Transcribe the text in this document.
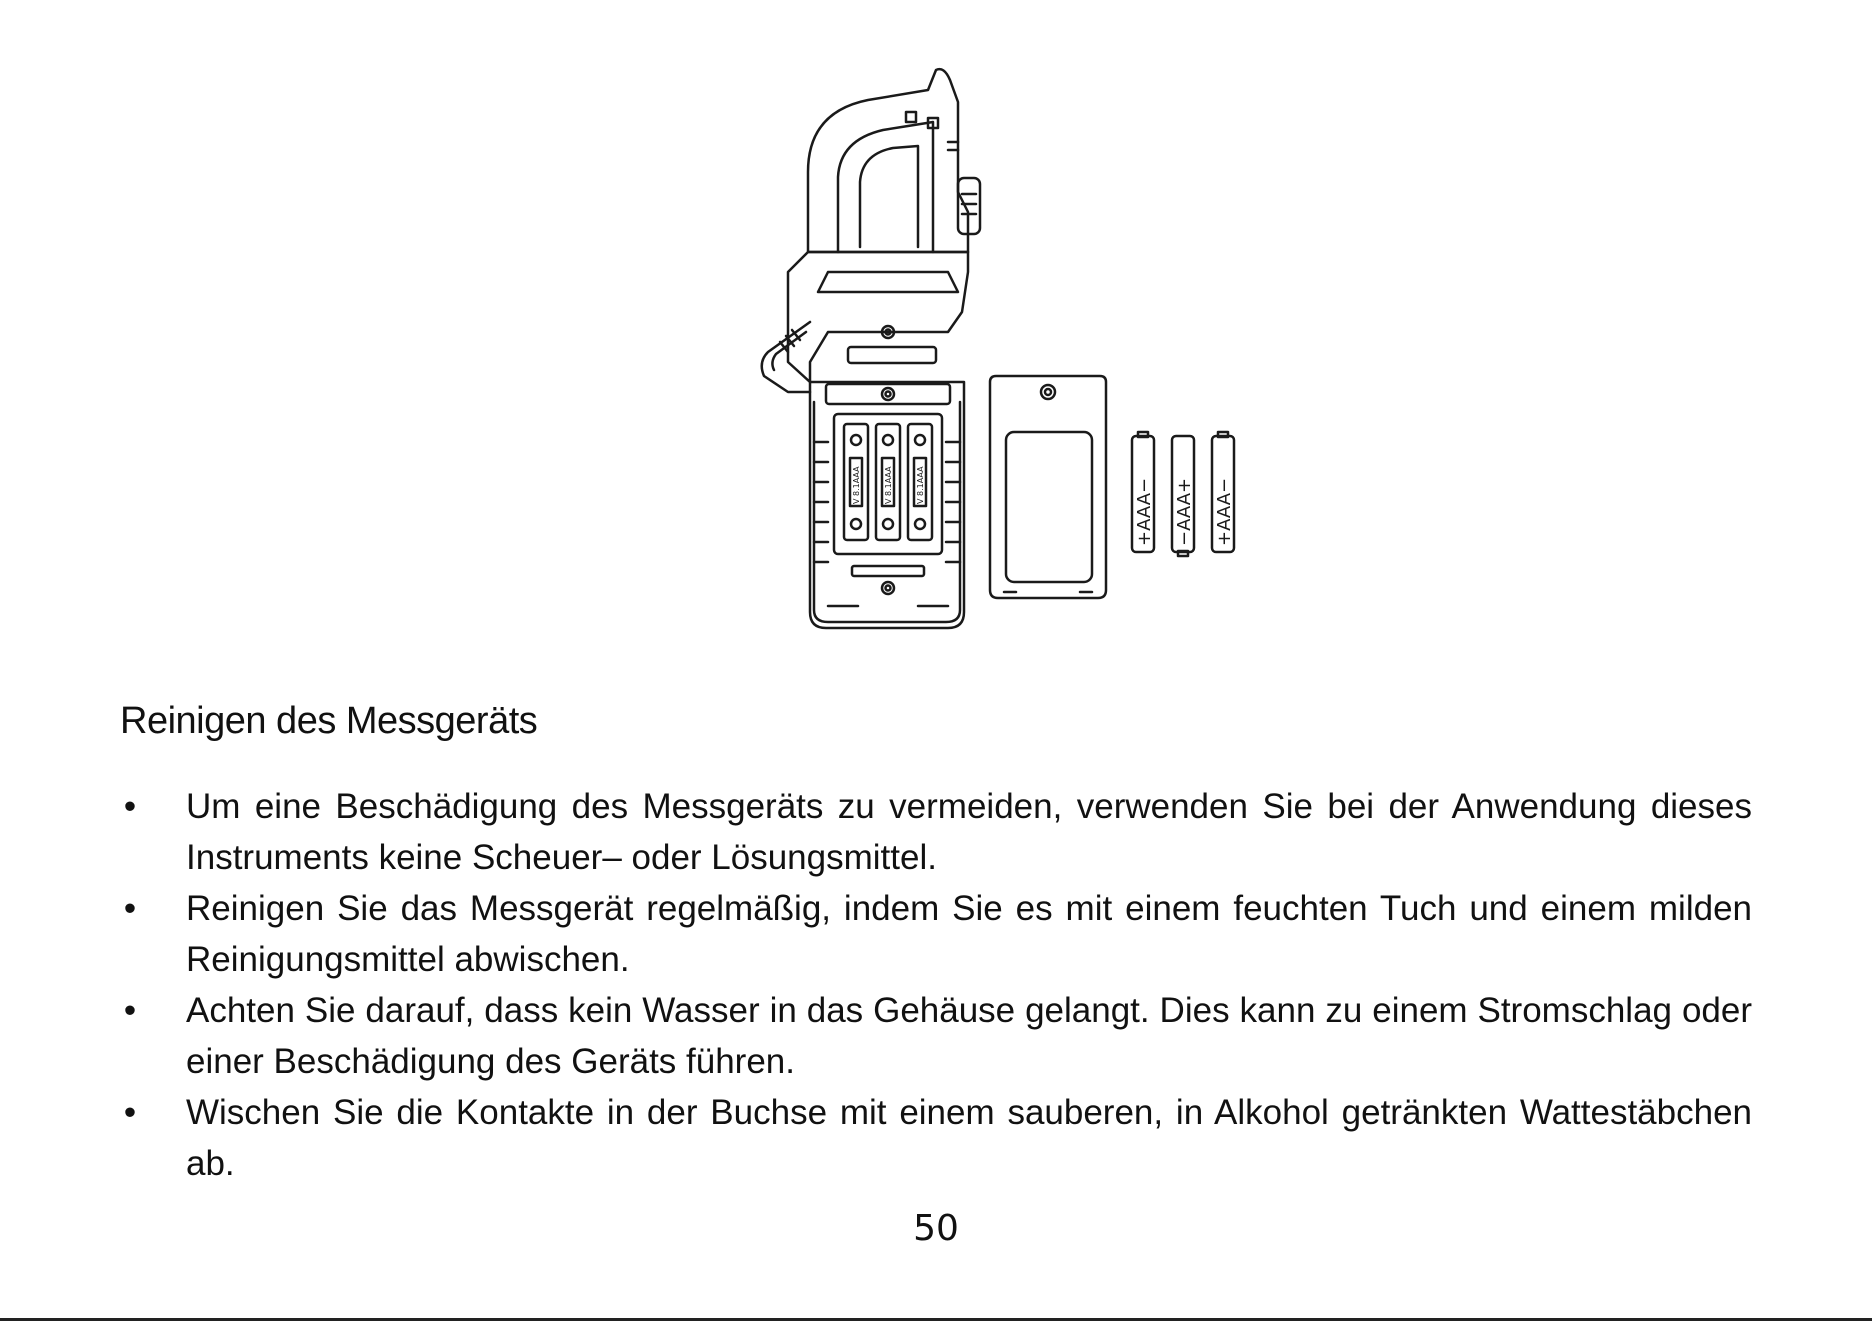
V 8.1AAA	V 8.1AAA	V 8.1AAA	+AAA− −AAA+ +AAA−
Reinigen des Messgeräts
• Um eine Beschädigung des Messgeräts zu vermeiden, verwenden Sie bei der Anwendung dieses Instruments keine Scheuer– oder Lösungsmittel.
• Reinigen Sie das Messgerät regelmäßig, indem Sie es mit einem feuchten Tuch und einem milden Reinigungsmittel abwischen.
• Achten Sie darauf, dass kein Wasser in das Gehäuse gelangt. Dies kann zu einem Stromschlag oder einer Beschädigung des Geräts führen.
• Wischen Sie die Kontakte in der Buchse mit einem sauberen, in Alkohol getränkten Wattestäbchen ab.
50
